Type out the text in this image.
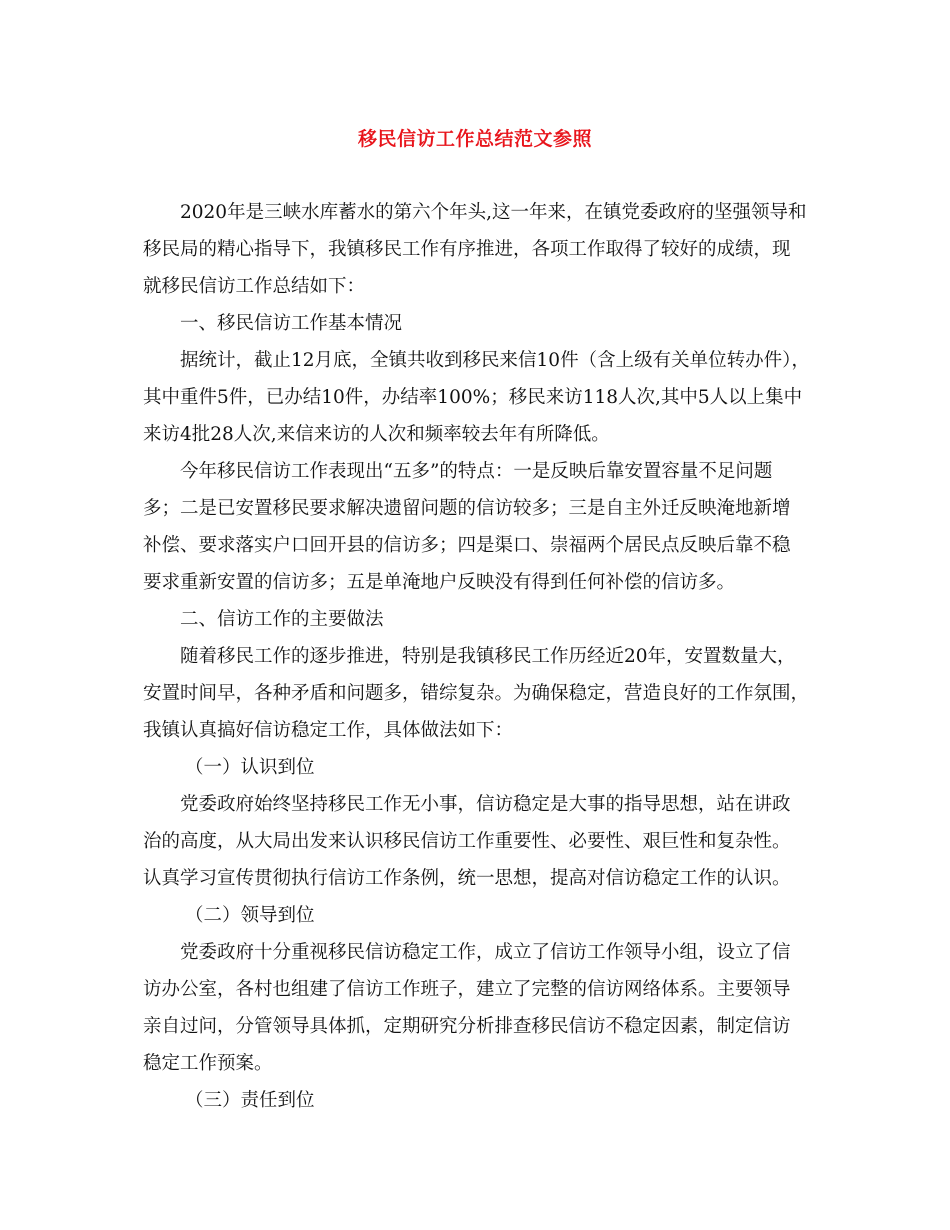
移民信访工作总结范文参照
2020年是三峡水库蓄水的第六个年头,这一年来，在镇党委政府的坚强领导和
移民局的精心指导下，我镇移民工作有序推进，各项工作取得了较好的成绩，现
就移民信访工作总结如下：
一、移民信访工作基本情况
据统计，截止12月底，全镇共收到移民来信10件（含上级有关单位转办件），
其中重件5件，已办结10件，办结率100%；移民来访118人次,其中5人以上集中
来访4批28人次,来信来访的人次和频率较去年有所降低。
今年移民信访工作表现出“五多”的特点：一是反映后靠安置容量不足问题
多；二是已安置移民要求解决遗留问题的信访较多；三是自主外迁反映淹地新增
补偿、要求落实户口回开县的信访多；四是渠口、崇福两个居民点反映后靠不稳
要求重新安置的信访多；五是单淹地户反映没有得到任何补偿的信访多。
二、信访工作的主要做法
随着移民工作的逐步推进，特别是我镇移民工作历经近20年，安置数量大，
安置时间早，各种矛盾和问题多，错综复杂。为确保稳定，营造良好的工作氛围，
我镇认真搞好信访稳定工作，具体做法如下：
（一）认识到位
党委政府始终坚持移民工作无小事，信访稳定是大事的指导思想，站在讲政
治的高度，从大局出发来认识移民信访工作重要性、必要性、艰巨性和复杂性。
认真学习宣传贯彻执行信访工作条例，统一思想，提高对信访稳定工作的认识。
（二）领导到位
党委政府十分重视移民信访稳定工作，成立了信访工作领导小组，设立了信
访办公室，各村也组建了信访工作班子，建立了完整的信访网络体系。主要领导
亲自过问，分管领导具体抓，定期研究分析排查移民信访不稳定因素，制定信访
稳定工作预案。
（三）责任到位
